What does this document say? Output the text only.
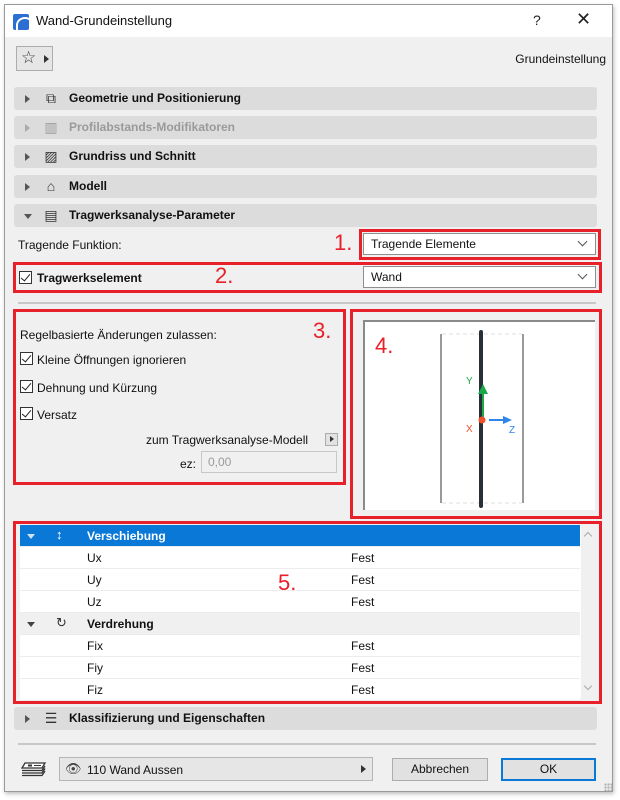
Wand-Grundeinstellung	? ✕
☆	Grundeinstellung
⧉	Geometrie und Positionierung
▥ Profilabstands-Modifikatoren
▨ Grundriss und Schnitt
⌂	Modell
▤ Tragwerksanalyse-Parameter
Tragende Funktion:	Tragende Elemente
1.
Tragwerkselement	Wand
2.
Regelbasierte Änderungen zulassen:
Kleine Öffnungen ignorieren
Dehnung und Kürzung
Versatz
zum Tragwerksanalyse-Modell
ez: 0,00
3.
Y
X	Z
4.
↕ Verschiebung
Ux	Fest
Uy	Fest
Uz	Fest
↻ Verdrehung
Fix	Fest
Fiy	Fest
Fiz	Fest
5.
☰ Klassifizierung und Eigenschaften
👁 110 Wand Aussen	Abbrechen	OK
